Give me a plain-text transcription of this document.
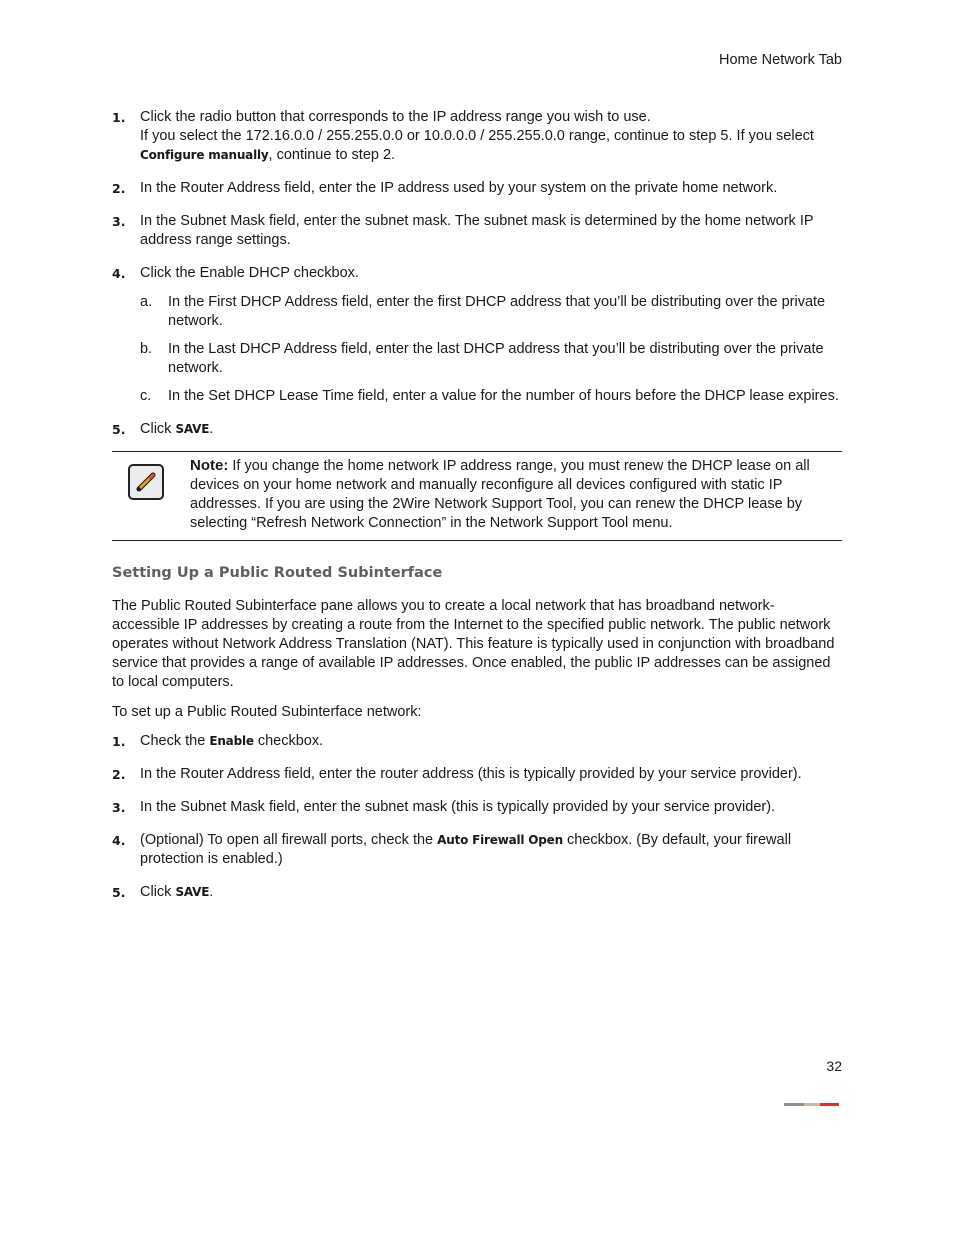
Home Network Tab
1. Click the radio button that corresponds to the IP address range you wish to use.
If you select the 172.16.0.0 / 255.255.0.0 or 10.0.0.0 / 255.255.0.0 range, continue to step 5. If you select Configure manually, continue to step 2.
2. In the Router Address field, enter the IP address used by your system on the private home network.
3. In the Subnet Mask field, enter the subnet mask. The subnet mask is determined by the home network IP address range settings.
4. Click the Enable DHCP checkbox.
a. In the First DHCP Address field, enter the first DHCP address that you’ll be distributing over the private network.
b. In the Last DHCP Address field, enter the last DHCP address that you’ll be distributing over the private network.
c. In the Set DHCP Lease Time field, enter a value for the number of hours before the DHCP lease expires.
5. Click SAVE.
Note: If you change the home network IP address range, you must renew the DHCP lease on all devices on your home network and manually reconfigure all devices configured with static IP addresses. If you are using the 2Wire Network Support Tool, you can renew the DHCP lease by selecting “Refresh Network Connection” in the Network Support Tool menu.
Setting Up a Public Routed Subinterface

The Public Routed Subinterface pane allows you to create a local network that has broadband network-accessible IP addresses by creating a route from the Internet to the specified public network. The public network operates without Network Address Translation (NAT). This feature is typically used in conjunction with broadband service that provides a range of available IP addresses. Once enabled, the public IP addresses can be assigned to local computers.

To set up a Public Routed Subinterface network:

1. Check the Enable checkbox.
2. In the Router Address field, enter the router address (this is typically provided by your service provider).
3. In the Subnet Mask field, enter the subnet mask (this is typically provided by your service provider).
4. (Optional) To open all firewall ports, check the Auto Firewall Open checkbox. (By default, your firewall protection is enabled.)
5. Click SAVE.
32
